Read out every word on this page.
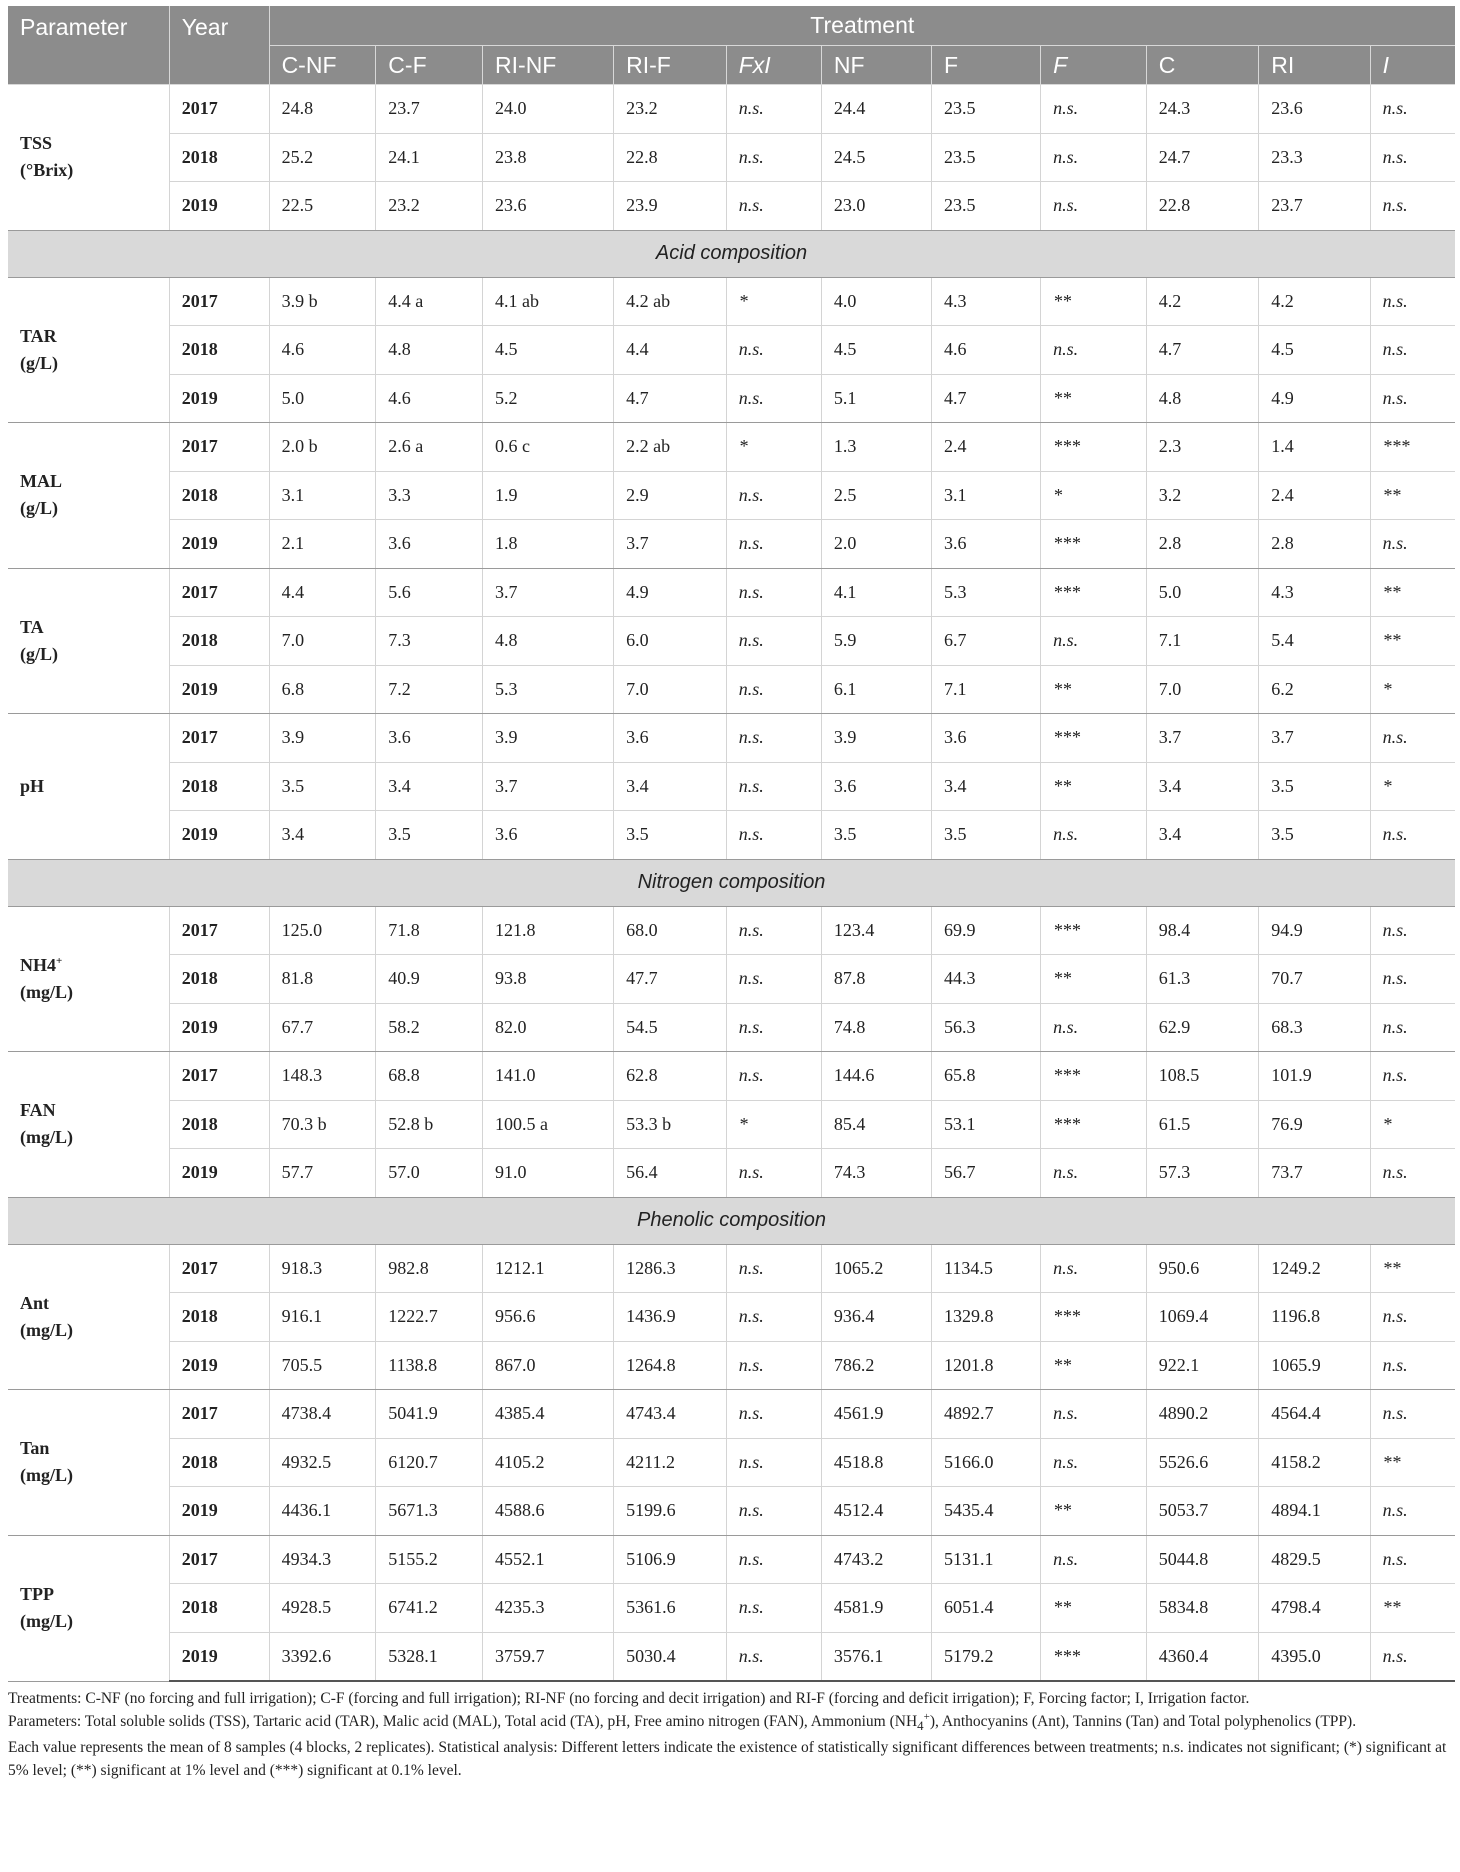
Parameter	Year	Treatment										
		C-NF	C-F	RI-NF	RI-F	FxI	NF	F	F	C	RI	I
TSS
(°Brix)	2017	24.8	23.7	24.0	23.2	n.s.	24.4	23.5	n.s.	24.3	23.6	n.s.
	2018	25.2	24.1	23.8	22.8	n.s.	24.5	23.5	n.s.	24.7	23.3	n.s.
	2019	22.5	23.2	23.6	23.9	n.s.	23.0	23.5	n.s.	22.8	23.7	n.s.
Acid composition												
TAR
(g/L)	2017	3.9 b	4.4 a	4.1 ab	4.2 ab	*	4.0	4.3	**	4.2	4.2	n.s.
	2018	4.6	4.8	4.5	4.4	n.s.	4.5	4.6	n.s.	4.7	4.5	n.s.
	2019	5.0	4.6	5.2	4.7	n.s.	5.1	4.7	**	4.8	4.9	n.s.
MAL
(g/L)	2017	2.0 b	2.6 a	0.6 c	2.2 ab	*	1.3	2.4	***	2.3	1.4	***
	2018	3.1	3.3	1.9	2.9	n.s.	2.5	3.1	*	3.2	2.4	**
	2019	2.1	3.6	1.8	3.7	n.s.	2.0	3.6	***	2.8	2.8	n.s.
TA
(g/L)	2017	4.4	5.6	3.7	4.9	n.s.	4.1	5.3	***	5.0	4.3	**
	2018	7.0	7.3	4.8	6.0	n.s.	5.9	6.7	n.s.	7.1	5.4	**
	2019	6.8	7.2	5.3	7.0	n.s.	6.1	7.1	**	7.0	6.2	*
pH	2017	3.9	3.6	3.9	3.6	n.s.	3.9	3.6	***	3.7	3.7	n.s.
	2018	3.5	3.4	3.7	3.4	n.s.	3.6	3.4	**	3.4	3.5	*
	2019	3.4	3.5	3.6	3.5	n.s.	3.5	3.5	n.s.	3.4	3.5	n.s.
Nitrogen composition												
NH4+
(mg/L)	2017	125.0	71.8	121.8	68.0	n.s.	123.4	69.9	***	98.4	94.9	n.s.
	2018	81.8	40.9	93.8	47.7	n.s.	87.8	44.3	**	61.3	70.7	n.s.
	2019	67.7	58.2	82.0	54.5	n.s.	74.8	56.3	n.s.	62.9	68.3	n.s.
FAN
(mg/L)	2017	148.3	68.8	141.0	62.8	n.s.	144.6	65.8	***	108.5	101.9	n.s.
	2018	70.3 b	52.8 b	100.5 a	53.3 b	*	85.4	53.1	***	61.5	76.9	*
	2019	57.7	57.0	91.0	56.4	n.s.	74.3	56.7	n.s.	57.3	73.7	n.s.
Phenolic composition												
Ant
(mg/L)	2017	918.3	982.8	1212.1	1286.3	n.s.	1065.2	1134.5	n.s.	950.6	1249.2	**
	2018	916.1	1222.7	956.6	1436.9	n.s.	936.4	1329.8	***	1069.4	1196.8	n.s.
	2019	705.5	1138.8	867.0	1264.8	n.s.	786.2	1201.8	**	922.1	1065.9	n.s.
Tan
(mg/L)	2017	4738.4	5041.9	4385.4	4743.4	n.s.	4561.9	4892.7	n.s.	4890.2	4564.4	n.s.
	2018	4932.5	6120.7	4105.2	4211.2	n.s.	4518.8	5166.0	n.s.	5526.6	4158.2	**
	2019	4436.1	5671.3	4588.6	5199.6	n.s.	4512.4	5435.4	**	5053.7	4894.1	n.s.
TPP
(mg/L)	2017	4934.3	5155.2	4552.1	5106.9	n.s.	4743.2	5131.1	n.s.	5044.8	4829.5	n.s.
	2018	4928.5	6741.2	4235.3	5361.6	n.s.	4581.9	6051.4	**	5834.8	4798.4	**
	2019	3392.6	5328.1	3759.7	5030.4	n.s.	3576.1	5179.2	***	4360.4	4395.0	n.s.

Treatments: C-NF (no forcing and full irrigation); C-F (forcing and full irrigation); RI-NF (no forcing and decit irrigation) and RI-F (forcing and deficit irrigation); F, Forcing factor; I, Irrigation factor.

Parameters: Total soluble solids (TSS), Tartaric acid (TAR), Malic acid (MAL), Total acid (TA), pH, Free amino nitrogen (FAN), Ammonium $(NH_4^+)$, Anthocyanins (Ant), Tannins (Tan) and Total polyphenolics (TPP).

Each value represents the mean of 8 samples (4 blocks, 2 replicates). Statistical analysis: Different letters indicate the existence of statistically significant differences between treatments; n.s. indicates not significant; (*) significant at 5% level; (**) significant at 1% level and (***) significant at 0.1% level.
